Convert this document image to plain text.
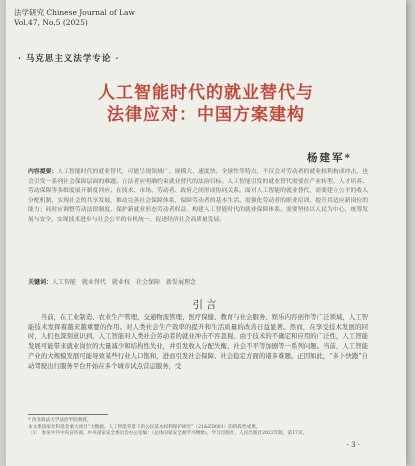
法学研究 Chinese Journal of Law
Vol.47, No.5 (2025)
· 马克思主义法学专论 ·
人工智能时代的就业替代与
法律应对：中国方案建构
杨建军*
内容提要：人工智能时代的就业替代，可能呈现领域广、规模大、速度快、全球性等特点，不仅会对劳动者的就业权利构成冲击，也会引发一系列社会保障层面的难题。立法者应明确约束就业替代的法治目标。人工智能引发的就业替代需要在产业转型、人才培养、劳动保障等多维度展开制度回应。在技术、市场、劳动者、政府之间形成协同关系。面对人工智能的就业替代，需要建立公平的收入分配机制，实现社会的共享发展，推动完善社会保障体系，保障劳动者的基本生活。需强化劳动者的职业培训，提升其适应新岗位的能力；同时应调整劳动法律制度，保护新就业形态劳动者权益。构建人工智能时代的就业保障体系，需要坚持以人民为中心，统筹发展与安全，实现技术进步与社会公平的有机统一，促进经济社会高质量发展。
关键词：人工智能　就业替代　就业权　社会保障　新发展理念
引言
当前，在工业制造、农业生产管理、交通物流管理、医疗保健、教育与社会服务、娱乐内容创作等广泛领域，人工智能技术发挥着越来越重要的作用。对人类社会生产效率的提升和生活质量的改善日益显著。然而，在享受技术发展的同时，人们也深刻意识到，人工智能对人类社会劳动者的就业冲击不容忽视。由于技术的不确定和应用的广泛性，人工智能发展可能带来就业岗位的大量减少和结构性失业，并引发收入分配失衡、社会不平等加剧等一系列问题。当前，人工智能产业的大规模发展可能导致某些行业人口饱和，进而引发社会保障、社会稳定方面的诸多难题。正因如此，“多卜快跑”自动驾驶出行服务平台开始在多个城市试点营运服务，受
* 西北政法大学法治学院教授。
本文系国家社科基金重大项目“大数据、人工智能背景下的公民基本权利保护研究”（21&ZD001）的阶段性成果。
〔1〕 参见中共中央宣传部、中央国家安全委员会办公室编：《总体国家安全观学习纲要》，学习出版社、人民出版社2022年版，第17页。
· 3 ·
